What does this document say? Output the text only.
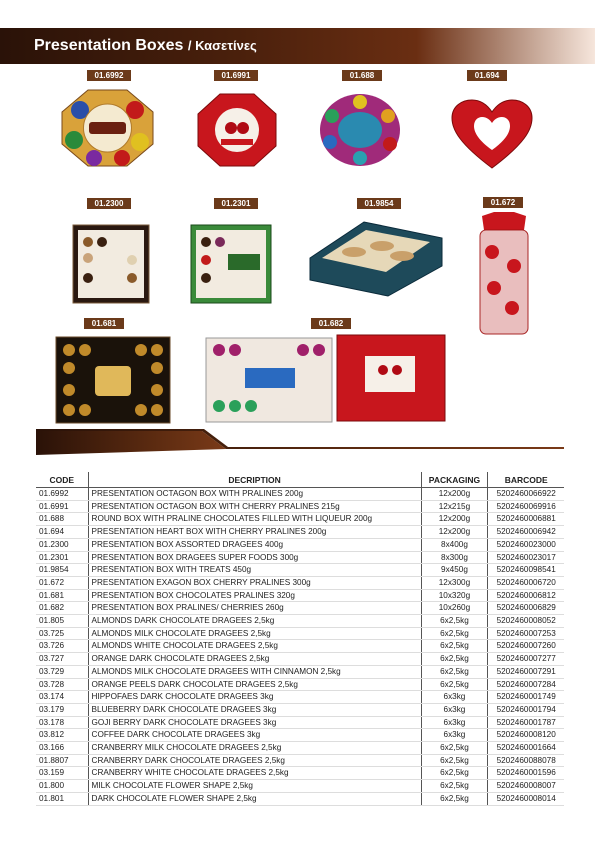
Presentation Boxes / Κασετίνες
01.6992	01.6991	01.688	01.694
01.2300	01.2301	01.9854	01.672
01.681	01.682
CODE	DECRIPTION	PACKAGING	BARCODE
01.6992	PRESENTATION OCTAGON BOX WITH PRALINES 200g	12x200g	5202460066922
01.6991	PRESENTATION OCTAGON BOX WITH CHERRY PRALINES 215g	12x215g	5202460069916
01.688	ROUND BOX WITH PRALINE CHOCOLATES FILLED WITH LIQUEUR 200g	12x200g	5202460006881
01.694	PRESENTATION HEART BOX WITH CHERRY PRALINES 200g	12x200g	5202460006942
01.2300	PRESENTATION BOX ASSORTED DRAGEES 400g	8x400g	5202460023000
01.2301	PRESENTATION BOX DRAGEES SUPER FOODS 300g	8x300g	5202460023017
01.9854	PRESENTATION BOX WITH TREATS 450g	9x450g	5202460098541
01.672	PRESENTATION EXAGON BOX CHERRY PRALINES 300g	12x300g	5202460006720
01.681	PRESENTATION BOX CHOCOLATES PRALINES 320g	10x320g	5202460006812
01.682	PRESENTATION BOX PRALINES/ CHERRIES 260g	10x260g	5202460006829
01.805	ALMONDS DARK CHOCOLATE DRAGEES 2,5kg	6x2,5kg	5202460008052
03.725	ALMONDS MILK CHOCOLATE DRAGEES 2,5kg	6x2,5kg	5202460007253
03.726	ALMONDS WHITE CHOCOLATE DRAGEES 2,5kg	6x2,5kg	5202460007260
03.727	ORANGE DARK CHOCOLATE DRAGEES 2,5kg	6x2,5kg	5202460007277
03.729	ALMONDS MILK CHOCOLATE DRAGEES WITH CINNAMON 2,5kg	6x2,5kg	5202460007291
03.728	ORANGE PEELS DARK CHOCOLATE DRAGEES 2,5kg	6x2,5kg	5202460007284
03.174	HIPPOFAES DARK CHOCOLATE DRAGEES 3kg	6x3kg	5202460001749
03.179	BLUEBERRY DARK CHOCOLATE DRAGEES 3kg	6x3kg	5202460001794
03.178	GOJI BERRY DARK CHOCOLATE DRAGEES 3kg	6x3kg	5202460001787
03.812	COFFEE DARK CHOCOLATE DRAGEES 3kg	6x3kg	5202460008120
03.166	CRANBERRY MILK CHOCOLATE DRAGEES 2,5kg	6x2,5kg	5202460001664
01.8807	CRANBERRY DARK CHOCOLATE DRAGEES 2,5kg	6x2,5kg	5202460088078
03.159	CRANBERRY WHITE CHOCOLATE DRAGEES 2,5kg	6x2,5kg	5202460001596
01.800	MILK CHOCOLATE FLOWER SHAPE 2,5kg	6x2,5kg	5202460008007
01.801	DARK CHOCOLATE FLOWER SHAPE 2,5kg	6x2,5kg	5202460008014
